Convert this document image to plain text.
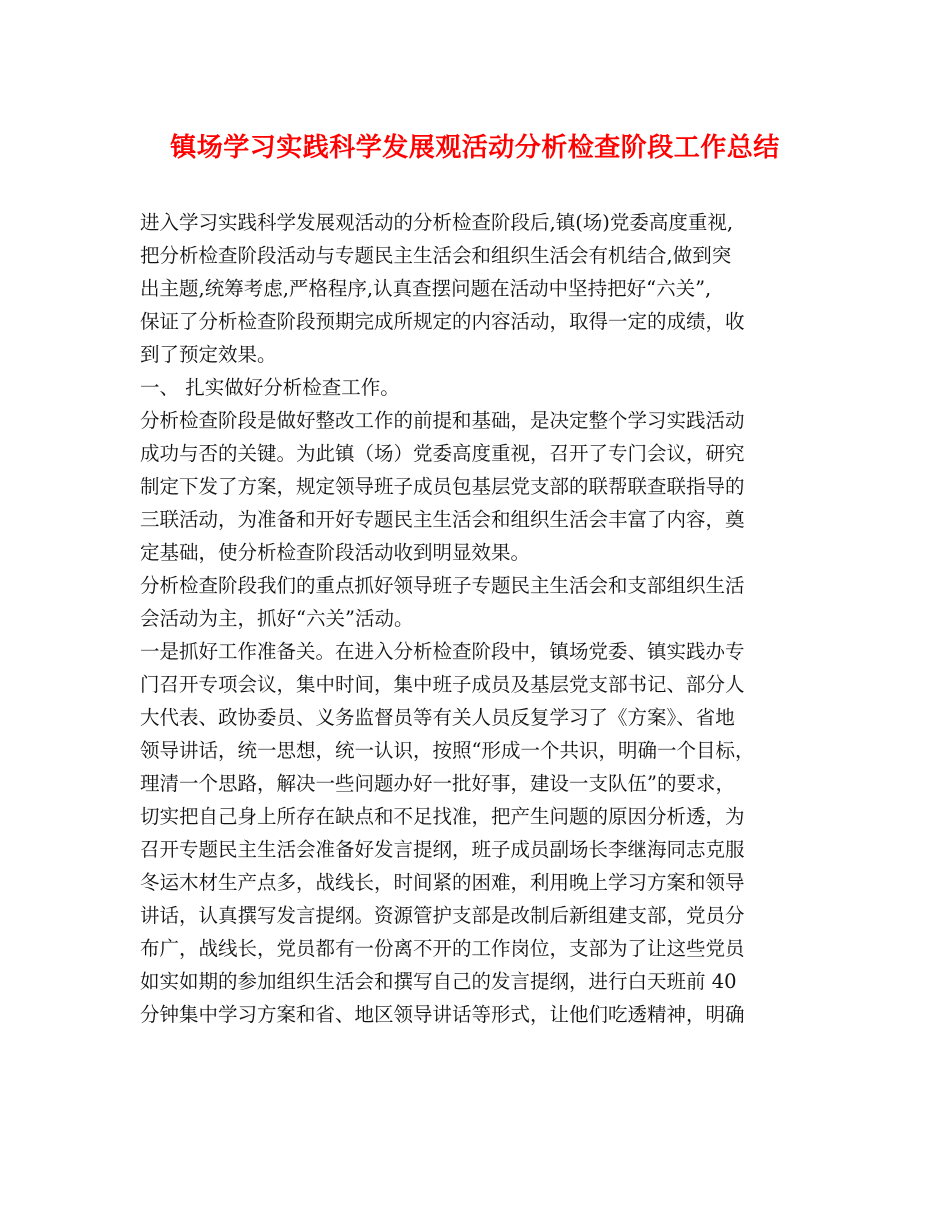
镇场学习实践科学发展观活动分析检查阶段工作总结
进入学习实践科学发展观活动的分析检查阶段后,镇(场)党委高度重视,
把分析检查阶段活动与专题民主生活会和组织生活会有机结合,做到突
出主题,统筹考虑,严格程序,认真查摆问题在活动中坚持把好“六关”,
保证了分析检查阶段预期完成所规定的内容活动，取得一定的成绩，收
到了预定效果。
一、 扎实做好分析检查工作。
分析检查阶段是做好整改工作的前提和基础，是决定整个学习实践活动
成功与否的关键。为此镇（场）党委高度重视，召开了专门会议，研究
制定下发了方案，规定领导班子成员包基层党支部的联帮联查联指导的
三联活动，为准备和开好专题民主生活会和组织生活会丰富了内容，奠
定基础，使分析检查阶段活动收到明显效果。
分析检查阶段我们的重点抓好领导班子专题民主生活会和支部组织生活
会活动为主，抓好“六关”活动。
一是抓好工作准备关。在进入分析检查阶段中，镇场党委、镇实践办专
门召开专项会议，集中时间，集中班子成员及基层党支部书记、部分人
大代表、政协委员、义务监督员等有关人员反复学习了《方案》、省地
领导讲话，统一思想，统一认识，按照“形成一个共识，明确一个目标，
理清一个思路，解决一些问题办好一批好事，建设一支队伍”的要求，
切实把自己身上所存在缺点和不足找准，把产生问题的原因分析透，为
召开专题民主生活会准备好发言提纲，班子成员副场长李继海同志克服
冬运木材生产点多，战线长，时间紧的困难，利用晚上学习方案和领导
讲话，认真撰写发言提纲。资源管护支部是改制后新组建支部，党员分
布广，战线长，党员都有一份离不开的工作岗位，支部为了让这些党员
如实如期的参加组织生活会和撰写自己的发言提纲，进行白天班前 40
分钟集中学习方案和省、地区领导讲话等形式，让他们吃透精神，明确
